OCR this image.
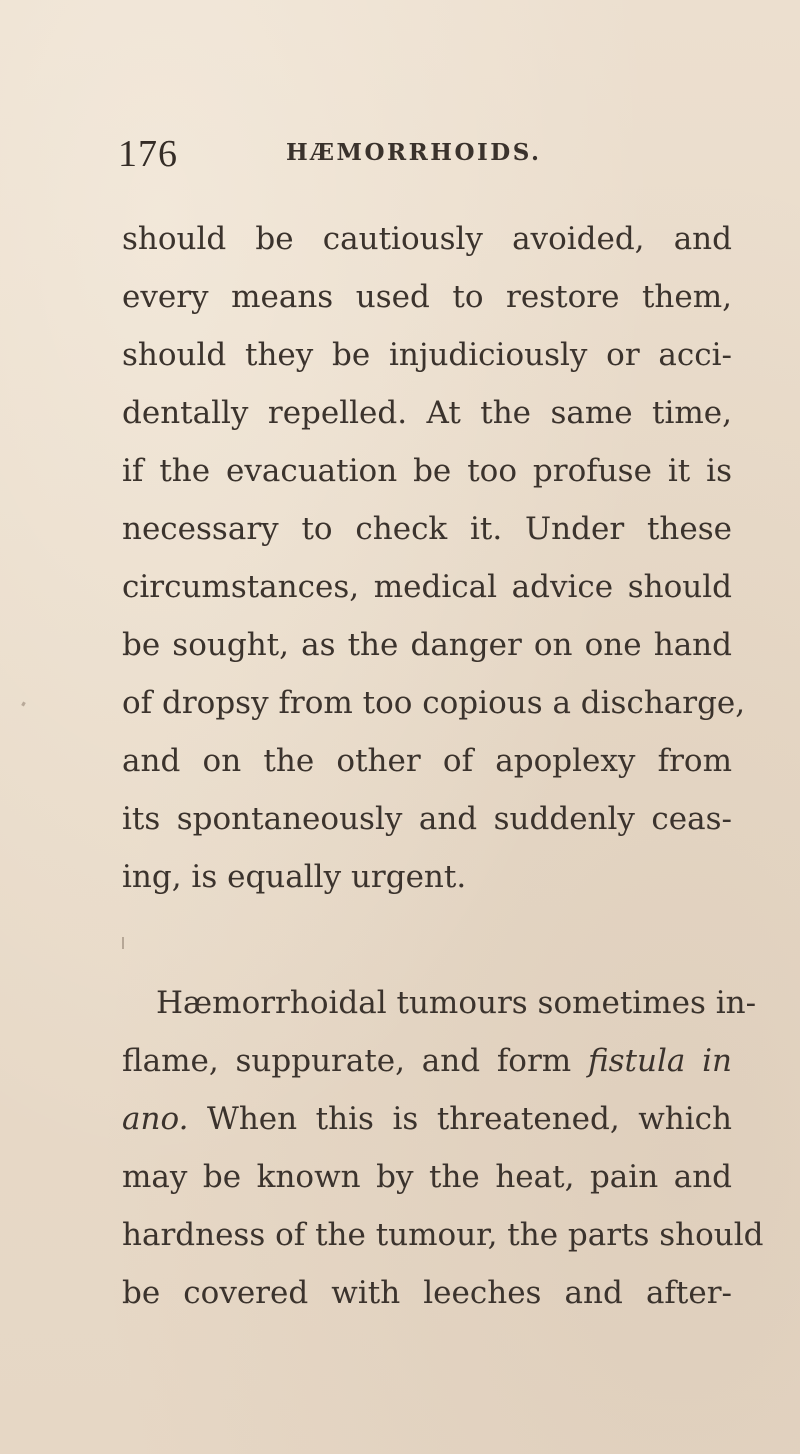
176	HÆMORRHOIDS.
should be cautiously avoided, and
every means used to restore them,
should they be injudiciously or acci-
dentally repelled. At the same time,
if the evacuation be too profuse it is
necessary to check it. Under these
circumstances, medical advice should
be sought, as the danger on one hand
of dropsy from too copious a discharge,
and on the other of apoplexy from
its spontaneously and suddenly ceas-
ing, is equally urgent.
Hæmorrhoidal tumours sometimes in-
flame, suppurate, and form fistula in
ano. When this is threatened, which
may be known by the heat, pain and
hardness of the tumour, the parts should
be covered with leeches and after-
